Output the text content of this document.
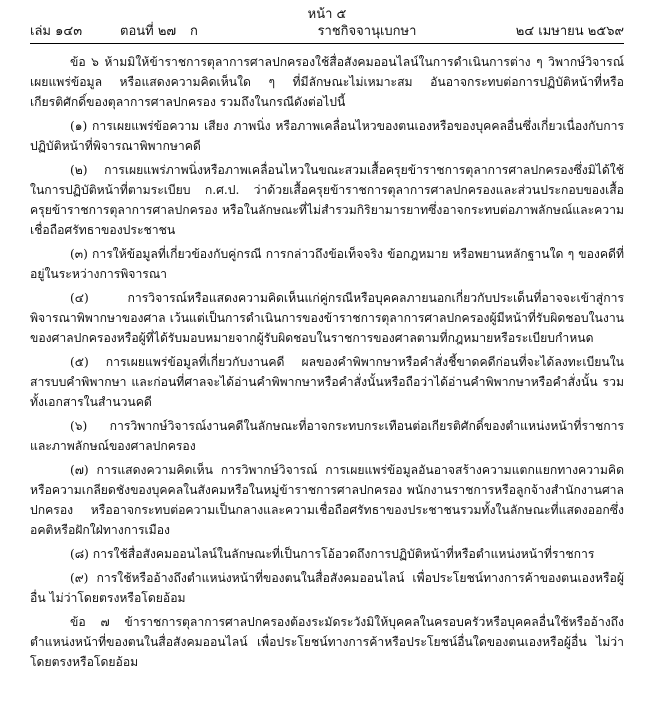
หน้า ๕
เล่ม ๑๔๓	ตอนที่ ๒๗	ก	ราชกิจจานุเบกษา	๒๔ เมษายน ๒๕๖๙

ข้อ ๖ ห้ามมิให้ข้าราชการตุลาการศาลปกครองใช้สื่อสังคมออนไลน์ในการดำเนินการต่าง ๆ วิพากษ์วิจารณ์ เผยแพร่ข้อมูล หรือแสดงความคิดเห็นใด ๆ ที่มีลักษณะไม่เหมาะสม อันอาจกระทบต่อการปฏิบัติหน้าที่หรือเกียรติศักดิ์ของตุลาการศาลปกครอง รวมถึงในกรณีดังต่อไปนี้

(๑) การเผยแพร่ข้อความ เสียง ภาพนิ่ง หรือภาพเคลื่อนไหวของตนเองหรือของบุคคลอื่นซึ่งเกี่ยวเนื่องกับการปฏิบัติหน้าที่พิจารณาพิพากษาคดี

(๒) การเผยแพร่ภาพนิ่งหรือภาพเคลื่อนไหวในขณะสวมเสื้อครุยข้าราชการตุลาการศาลปกครองซึ่งมิได้ใช้ในการปฏิบัติหน้าที่ตามระเบียบ ก.ศ.ป. ว่าด้วยเสื้อครุยข้าราชการตุลาการศาลปกครองและส่วนประกอบของเสื้อครุยข้าราชการตุลาการศาลปกครอง หรือในลักษณะที่ไม่สำรวมกิริยามารยาทซึ่งอาจกระทบต่อภาพลักษณ์และความเชื่อถือศรัทธาของประชาชน

(๓) การให้ข้อมูลที่เกี่ยวข้องกับคู่กรณี การกล่าวถึงข้อเท็จจริง ข้อกฎหมาย หรือพยานหลักฐานใด ๆ ของคดีที่อยู่ในระหว่างการพิจารณา

(๔) การวิจารณ์หรือแสดงความคิดเห็นแก่คู่กรณีหรือบุคคลภายนอกเกี่ยวกับประเด็นที่อาจจะเข้าสู่การพิจารณาพิพากษาของศาล เว้นแต่เป็นการดำเนินการของข้าราชการตุลาการศาลปกครองผู้มีหน้าที่รับผิดชอบในงานของศาลปกครองหรือผู้ที่ได้รับมอบหมายจากผู้รับผิดชอบในราชการของศาลตามที่กฎหมายหรือระเบียบกำหนด

(๕) การเผยแพร่ข้อมูลที่เกี่ยวกับงานคดี ผลของคำพิพากษาหรือคำสั่งชี้ขาดคดีก่อนที่จะได้ลงทะเบียนในสารบบคำพิพากษา และก่อนที่ศาลจะได้อ่านคำพิพากษาหรือคำสั่งนั้นหรือถือว่าได้อ่านคำพิพากษาหรือคำสั่งนั้น รวมทั้งเอกสารในสำนวนคดี

(๖) การวิพากษ์วิจารณ์งานคดีในลักษณะที่อาจกระทบกระเทือนต่อเกียรติศักดิ์ของตำแหน่งหน้าที่ราชการและภาพลักษณ์ของศาลปกครอง

(๗) การแสดงความคิดเห็น การวิพากษ์วิจารณ์ การเผยแพร่ข้อมูลอันอาจสร้างความแตกแยกทางความคิดหรือความเกลียดชังของบุคคลในสังคมหรือในหมู่ข้าราชการศาลปกครอง พนักงานราชการหรือลูกจ้างสำนักงานศาลปกครอง หรืออาจกระทบต่อความเป็นกลางและความเชื่อถือศรัทธาของประชาชนรวมทั้งในลักษณะที่แสดงออกซึ่งอคติหรือฝักใฝ่ทางการเมือง

(๘) การใช้สื่อสังคมออนไลน์ในลักษณะที่เป็นการโอ้อวดถึงการปฏิบัติหน้าที่หรือตำแหน่งหน้าที่ราชการ

(๙) การใช้หรืออ้างถึงตำแหน่งหน้าที่ของตนในสื่อสังคมออนไลน์ เพื่อประโยชน์ทางการค้าของตนเองหรือผู้อื่น ไม่ว่าโดยตรงหรือโดยอ้อม

ข้อ ๗ ข้าราชการตุลาการศาลปกครองต้องระมัดระวังมิให้บุคคลในครอบครัวหรือบุคคลอื่นใช้หรืออ้างถึงตำแหน่งหน้าที่ของตนในสื่อสังคมออนไลน์ เพื่อประโยชน์ทางการค้าหรือประโยชน์อื่นใดของตนเองหรือผู้อื่น ไม่ว่าโดยตรงหรือโดยอ้อม
